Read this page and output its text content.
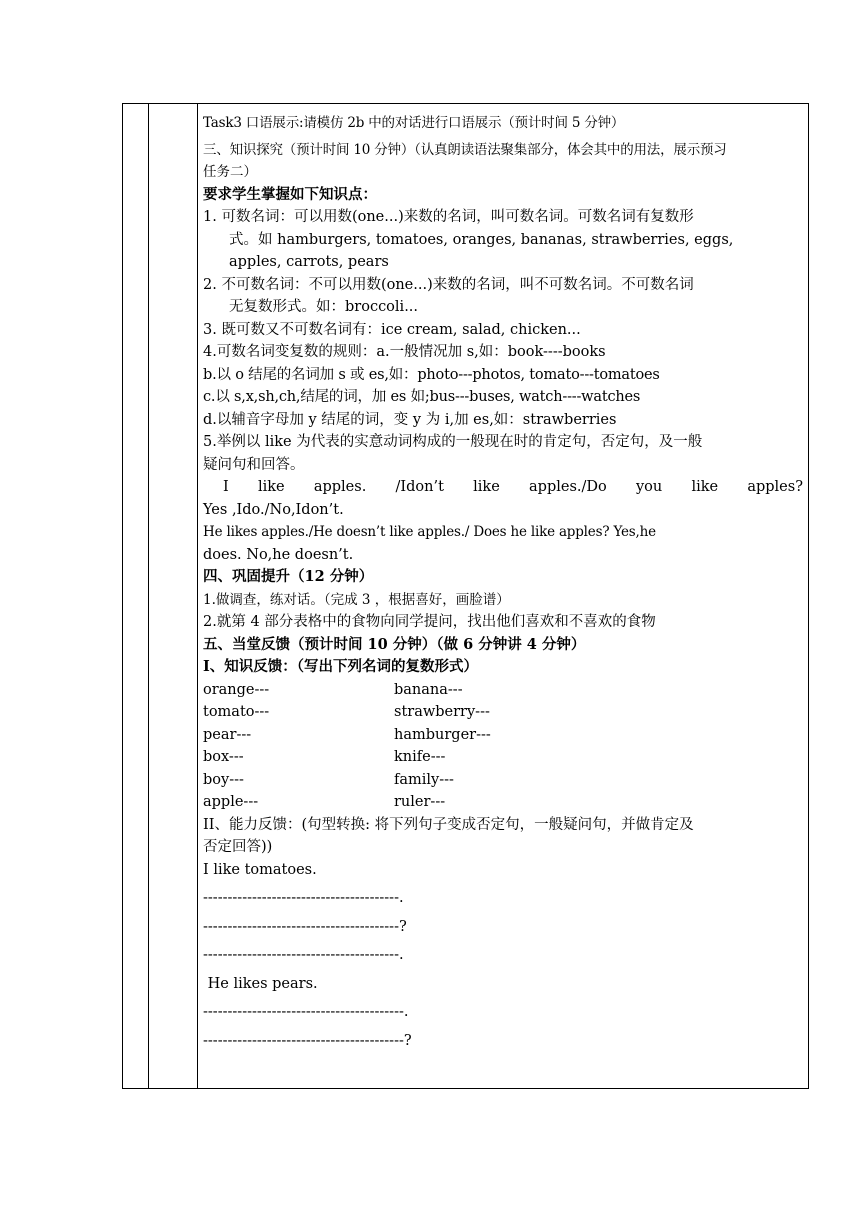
Task3 口语展示:请模仿 2b 中的对话进行口语展示（预计时间 5 分钟）
三、知识探究（预计时间 10 分钟）（认真朗读语法聚集部分，体会其中的用法，展示预习
任务二）
要求学生掌握如下知识点：
1. 可数名词：可以用数(one...)来数的名词，叫可数名词。可数名词有复数形
式。如 hamburgers, tomatoes, oranges, bananas, strawberries, eggs,
apples, carrots, pears
2. 不可数名词：不可以用数(one...)来数的名词，叫不可数名词。不可数名词
无复数形式。如：broccoli...
3. 既可数又不可数名词有：ice cream, salad, chicken...
4.可数名词变复数的规则：a.一般情况加 s,如：book----books
b.以 o 结尾的名词加 s 或 es,如：photo---photos, tomato---tomatoes
c.以 s,x,sh,ch,结尾的词，加 es 如;bus---buses, watch----watches
d.以辅音字母加 y 结尾的词，变 y 为 i,加 es,如：strawberries
5.举例以 like 为代表的实意动词构成的一般现在时的肯定句，否定句，及一般
疑问句和回答。
I like apples. /Idon’t like apples./Do you like apples?
Yes ,Ido./No,Idon’t.
He likes apples./He doesn’t like apples./ Does he like apples? Yes,he
does. No,he doesn’t.
四、巩固提升（12 分钟）
1.做调查，练对话。（完成 3 ，根据喜好，画脸谱）
2.就第 4 部分表格中的食物向同学提问，找出他们喜欢和不喜欢的食物
五、当堂反馈（预计时间 10 分钟）（做 6 分钟讲 4 分钟）
I、知识反馈：（写出下列名词的复数形式）
orange---	banana---
tomato---	strawberry---
pear---	hamburger---
box---	knife---
boy---	family---
apple---	ruler---
II、能力反馈：(句型转换: 将下列句子变成否定句，一般疑问句，并做肯定及
否定回答))
I like tomatoes.
----------------------------------------.
----------------------------------------?
----------------------------------------.
He likes pears.
-----------------------------------------.
-----------------------------------------?
